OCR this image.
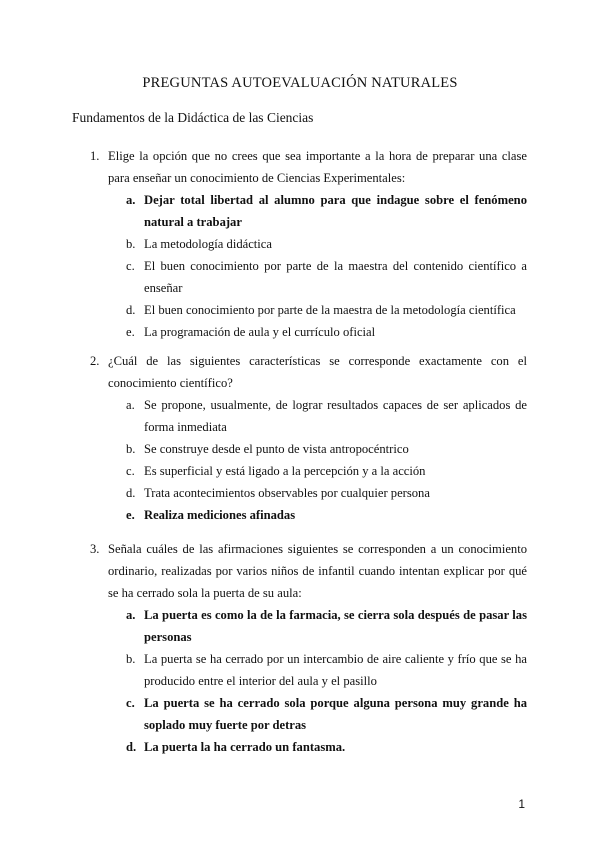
PREGUNTAS AUTOEVALUACIÓN NATURALES
Fundamentos de la Didáctica de las Ciencias
1. Elige la opción que no crees que sea importante a la hora de preparar una clase para enseñar un conocimiento de Ciencias Experimentales:
a. Dejar total libertad al alumno para que indague sobre el fenómeno natural a trabajar
b. La metodología didáctica
c. El buen conocimiento por parte de la maestra del contenido científico a enseñar
d. El buen conocimiento por parte de la maestra de la metodología científica
e. La programación de aula y el currículo oficial
2. ¿Cuál de las siguientes características se corresponde exactamente con el conocimiento científico?
a. Se propone, usualmente, de lograr resultados capaces de ser aplicados de forma inmediata
b. Se construye desde el punto de vista antropocéntrico
c. Es superficial y está ligado a la percepción y a la acción
d. Trata acontecimientos observables por cualquier persona
e. Realiza mediciones afinadas
3. Señala cuáles de las afirmaciones siguientes se corresponden a un conocimiento ordinario, realizadas por varios niños de infantil cuando intentan explicar por qué se ha cerrado sola la puerta de su aula:
a. La puerta es como la de la farmacia, se cierra sola después de pasar las personas
b. La puerta se ha cerrado por un intercambio de aire caliente y frío que se ha producido entre el interior del aula y el pasillo
c. La puerta se ha cerrado sola porque alguna persona muy grande ha soplado muy fuerte por detras
d. La puerta la ha cerrado un fantasma.
1
